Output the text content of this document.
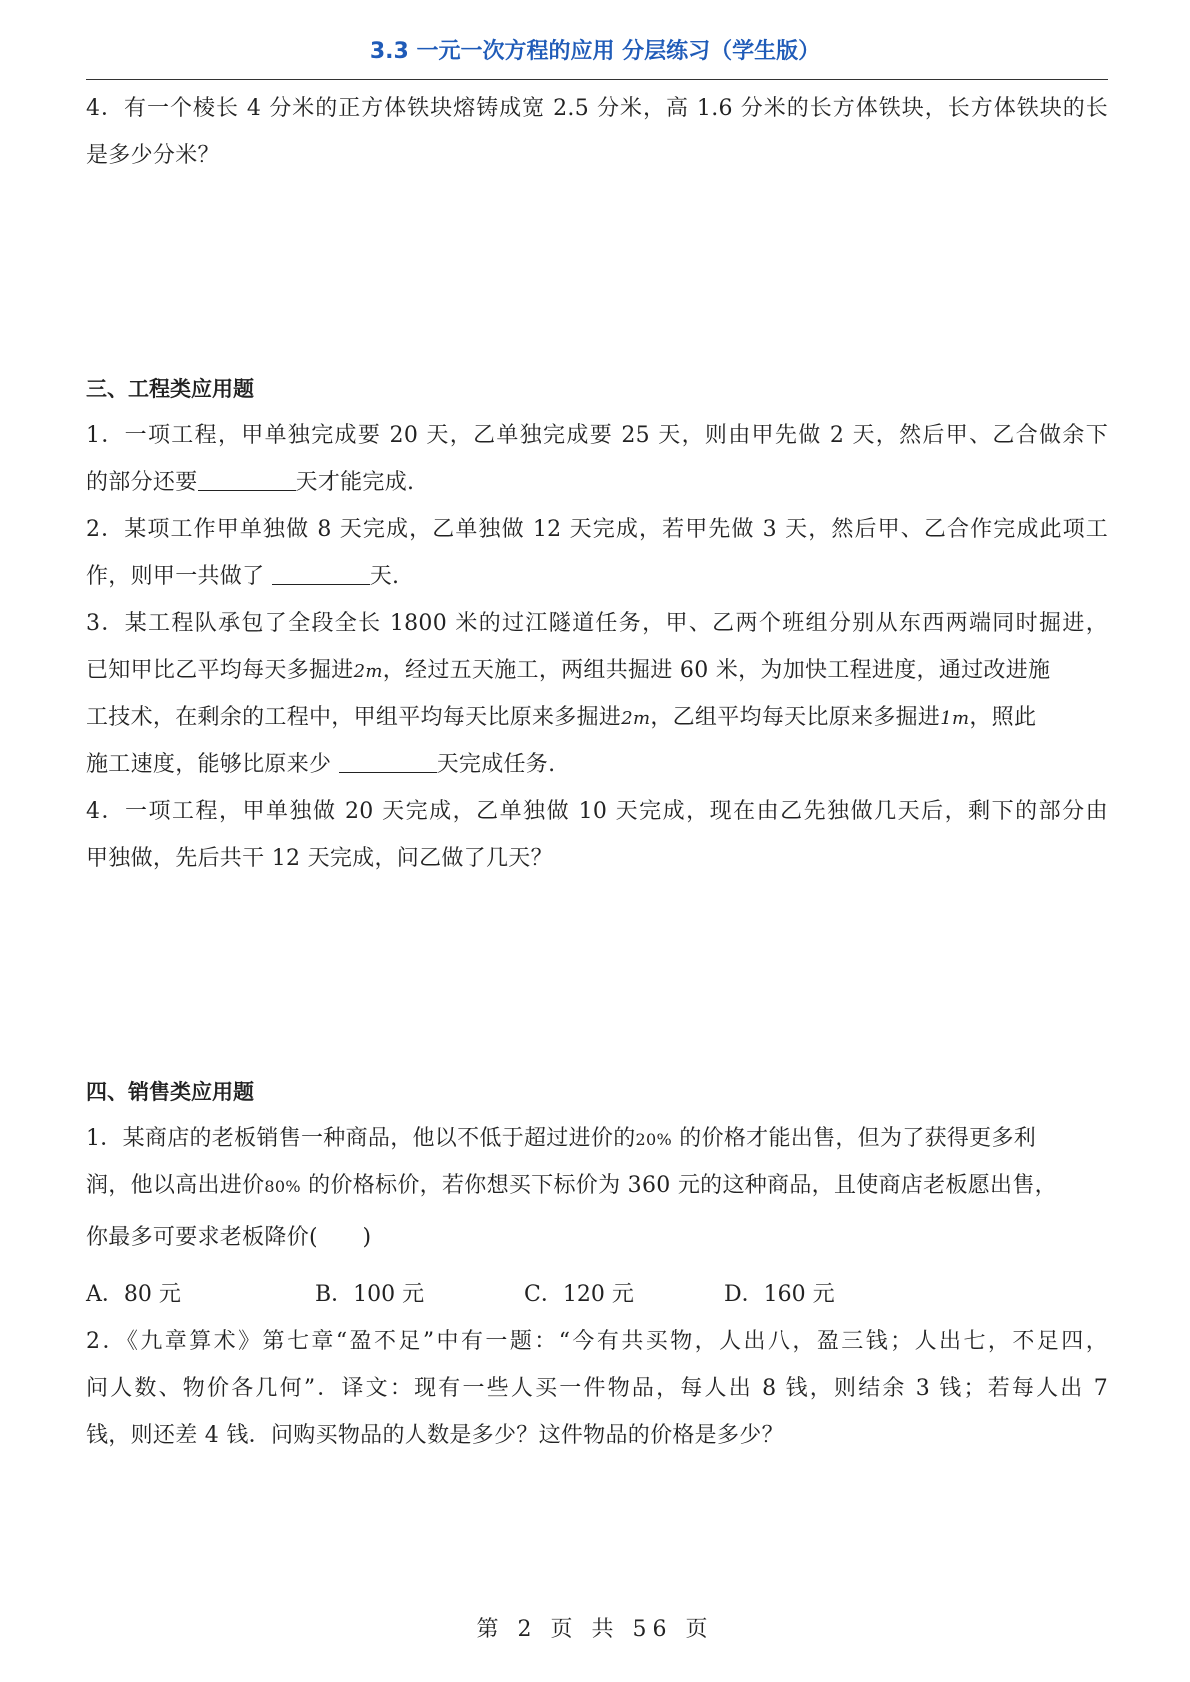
3.3 一元一次方程的应用 分层练习（学生版）
4．有一个棱长 4 分米的正方体铁块熔铸成宽 2.5 分米，高 1.6 分米的长方体铁块，长方体铁块的长
是多少分米？
三、工程类应用题
1．一项工程，甲单独完成要 20 天，乙单独完成要 25 天，则由甲先做 2 天，然后甲、乙合做余下
的部分还要	天才能完成.
2．某项工作甲单独做 8 天完成，乙单独做 12 天完成，若甲先做 3 天，然后甲、乙合作完成此项工
作，则甲一共做了	天.
3．某工程队承包了全段全长 1800 米的过江隧道任务，甲、乙两个班组分别从东西两端同时掘进，
已知甲比乙平均每天多掘进2m，经过五天施工，两组共掘进 60 米，为加快工程进度，通过改进施
工技术，在剩余的工程中，甲组平均每天比原来多掘进2m，乙组平均每天比原来多掘进1m，照此
施工速度，能够比原来少	天完成任务.
4．一项工程，甲单独做 20 天完成，乙单独做 10 天完成，现在由乙先独做几天后，剩下的部分由
甲独做，先后共干 12 天完成，问乙做了几天？
四、销售类应用题
1．某商店的老板销售一种商品，他以不低于超过进价的20% 的价格才能出售，但为了获得更多利
润，他以高出进价80% 的价格标价，若你想买下标价为 360 元的这种商品，且使商店老板愿出售，
你最多可要求老板降价(　　)
A．80 元	B．100 元	C．120 元	D．160 元
2．《九章算术》第七章“盈不足”中有一题：“今有共买物，人出八，盈三钱；人出七，不足四，
问人数、物价各几何”．译文：现有一些人买一件物品，每人出 8 钱，则结余 3 钱；若每人出 7
钱，则还差 4 钱．问购买物品的人数是多少？这件物品的价格是多少？
第 2 页 共 56 页
